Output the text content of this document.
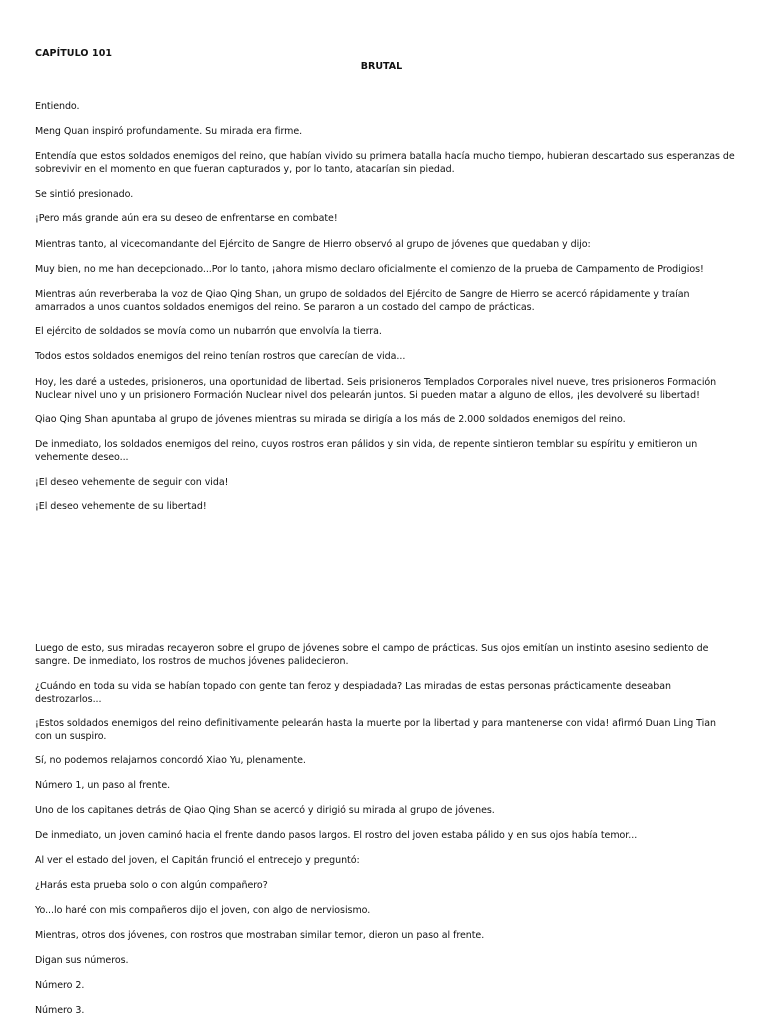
CAPÍTULO 101
BRUTAL

Entiendo.

Meng Quan inspiró profundamente. Su mirada era firme.

Entendía que estos soldados enemigos del reino, que habían vivido su primera batalla hacía mucho tiempo, hubieran descartado sus esperanzas de sobrevivir en el momento en que fueran capturados y, por lo tanto, atacarían sin piedad.

Se sintió presionado.

¡Pero más grande aún era su deseo de enfrentarse en combate!

Mientras tanto, al vicecomandante del Ejército de Sangre de Hierro observó al grupo de jóvenes que quedaban y dijo:

Muy bien, no me han decepcionado...Por lo tanto, ¡ahora mismo declaro oficialmente el comienzo de la prueba de Campamento de Prodigios!

Mientras aún reverberaba la voz de Qiao Qing Shan, un grupo de soldados del Ejército de Sangre de Hierro se acercó rápidamente y traían amarrados a unos cuantos soldados enemigos del reino. Se pararon a un costado del campo de prácticas.

El ejército de soldados se movía como un nubarrón que envolvía la tierra.

Todos estos soldados enemigos del reino tenían rostros que carecían de vida...

Hoy, les daré a ustedes, prisioneros, una oportunidad de libertad. Seis prisioneros Templados Corporales nivel nueve, tres prisioneros Formación Nuclear nivel uno y un prisionero Formación Nuclear nivel dos pelearán juntos. Si pueden matar a alguno de ellos, ¡les devolveré su libertad!

Qiao Qing Shan apuntaba al grupo de jóvenes mientras su mirada se dirigía a los más de 2.000 soldados enemigos del reino.

De inmediato, los soldados enemigos del reino, cuyos rostros eran pálidos y sin vida, de repente sintieron temblar su espíritu y emitieron un vehemente deseo...

¡El deseo vehemente de seguir con vida!

¡El deseo vehemente de su libertad!

Luego de esto, sus miradas recayeron sobre el grupo de jóvenes sobre el campo de prácticas. Sus ojos emitían un instinto asesino sediento de sangre. De inmediato, los rostros de muchos jóvenes palidecieron.

¿Cuándo en toda su vida se habían topado con gente tan feroz y despiadada? Las miradas de estas personas prácticamente deseaban destrozarlos...

¡Estos soldados enemigos del reino definitivamente pelearán hasta la muerte por la libertad y para mantenerse con vida! afirmó Duan Ling Tian con un suspiro.

Sí, no podemos relajarnos concordó Xiao Yu, plenamente.

Número 1, un paso al frente.

Uno de los capitanes detrás de Qiao Qing Shan se acercó y dirigió su mirada al grupo de jóvenes.

De inmediato, un joven caminó hacia el frente dando pasos largos. El rostro del joven estaba pálido y en sus ojos había temor...

Al ver el estado del joven, el Capitán frunció el entrecejo y preguntó:

¿Harás esta prueba solo o con algún compañero?

Yo...lo haré con mis compañeros dijo el joven, con algo de nerviosismo.

Mientras, otros dos jóvenes, con rostros que mostraban similar temor, dieron un paso al frente.

Digan sus números.

Número 2.

Número 3.
